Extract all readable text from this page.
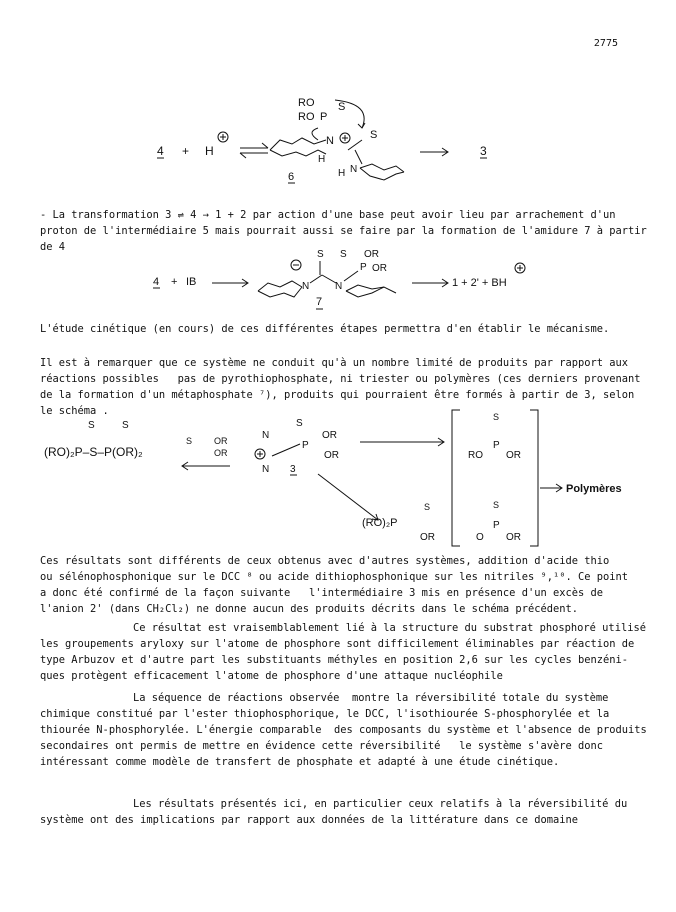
2775
4 + H
RO
RO P
S
N	S
H
H N
6
3
- La transformation 3 ⇌ 4 → 1 + 2 par action d'une base peut avoir lieu par arrachement d'un
proton de l'intermédiaire 5 mais pourrait aussi se faire par la formation de l'amidure 7 à partir
de 4
4 + IB	N
S
N
S
P
OR
OR
7
1 + 2' + BH
L'étude cinétique (en cours) de ces différentes étapes permettra d'en établir le mécanisme.
Il est à remarquer que ce système ne conduit qu'à un nombre limité de produits par rapport aux
réactions possibles   pas de pyrothiophosphate, ni triester ou polymères (ces derniers provenant
de la formation d'un métaphosphate ⁷), produits qui pourraient être formés à partir de 3, selon
le schéma .
S	S
(RO)₂P–S–P(OR)₂
S OR
OR
N
N
S
P
OR
OR
3
(RO)₂P
S
OR
S
P
RO OR
S
P
O OR
Polymères
Ces résultats sont différents de ceux obtenus avec d'autres systèmes, addition d'acide thio
ou sélénophosphonique sur le DCC ⁸ ou acide dithiophosphonique sur les nitriles ⁹,¹⁰. Ce point
a donc été confirmé de la façon suivante   l'intermédiaire 3 mis en présence d'un excès de
l'anion 2' (dans CH₂Cl₂) ne donne aucun des produits décrits dans le schéma précédent.
Ce résultat est vraisemblablement lié à la structure du substrat phosphoré utilisé
les groupements aryloxy sur l'atome de phosphore sont difficilement éliminables par réaction de
type Arbuzov et d'autre part les substituants méthyles en position 2,6 sur les cycles benzéni-
ques protègent efficacement l'atome de phosphore d'une attaque nucléophile
La séquence de réactions observée  montre la réversibilité totale du système
chimique constitué par l'ester thiophosphorique, le DCC, l'isothiourée S-phosphorylée et la
thiourée N-phosphorylée. L'énergie comparable  des composants du système et l'absence de produits
secondaires ont permis de mettre en évidence cette réversibilité   le système s'avère donc
intéressant comme modèle de transfert de phosphate et adapté à une étude cinétique.
Les résultats présentés ici, en particulier ceux relatifs à la réversibilité du
système ont des implications par rapport aux données de la littérature dans ce domaine
